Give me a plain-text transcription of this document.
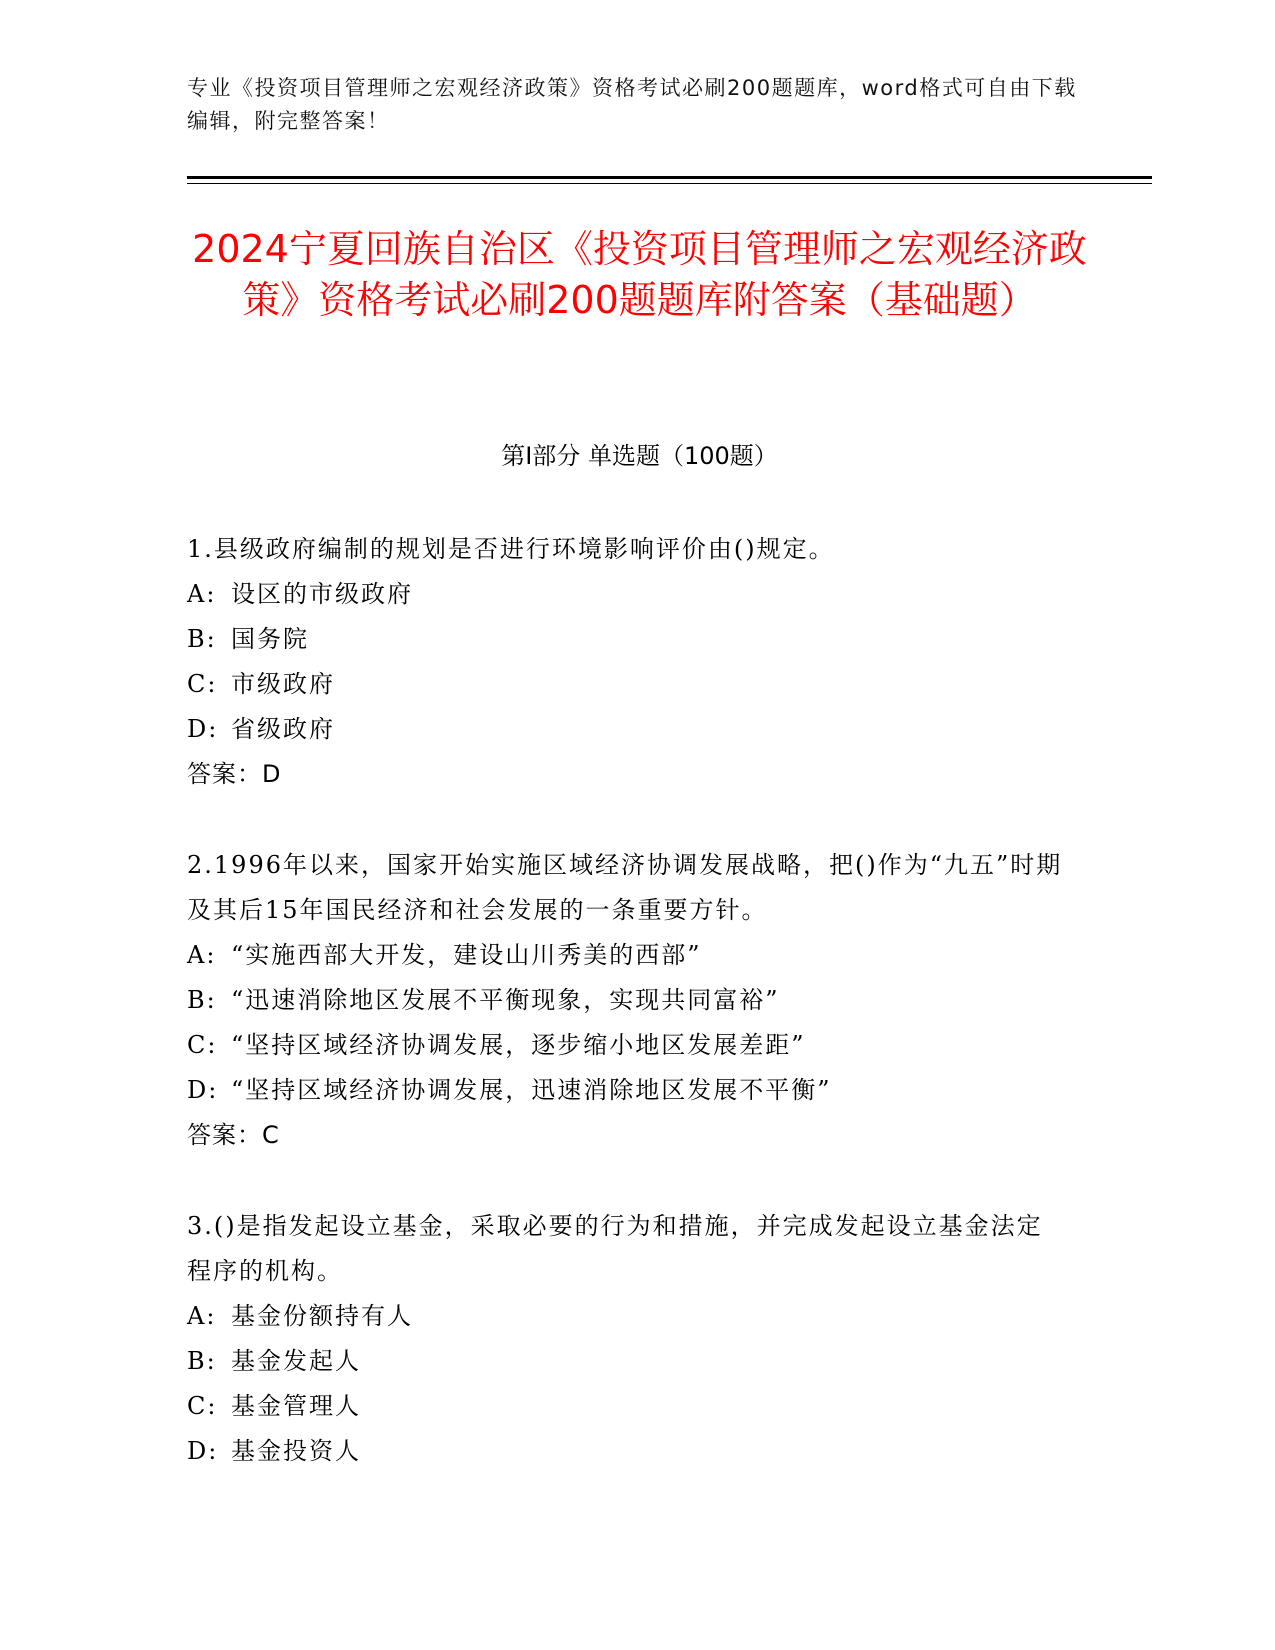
专业《投资项目管理师之宏观经济政策》资格考试必刷200题题库，word格式可自由下载编辑，附完整答案！
2024宁夏回族自治区《投资项目管理师之宏观经济政策》资格考试必刷200题题库附答案（基础题）
第Ⅰ部分 单选题（100题）

1.县级政府编制的规划是否进行环境影响评价由()规定。

A: 设区的市级政府

B: 国务院

C: 市级政府

D: 省级政府

答案：D

2.1996年以来，国家开始实施区域经济协调发展战略，把()作为“九五”时期及其后15年国民经济和社会发展的一条重要方针。

A: “实施西部大开发，建设山川秀美的西部”

B: “迅速消除地区发展不平衡现象，实现共同富裕”

C: “坚持区域经济协调发展，逐步缩小地区发展差距”

D: “坚持区域经济协调发展，迅速消除地区发展不平衡”

答案：C

3.()是指发起设立基金，采取必要的行为和措施，并完成发起设立基金法定程序的机构。

A: 基金份额持有人

B: 基金发起人

C: 基金管理人

D: 基金投资人
